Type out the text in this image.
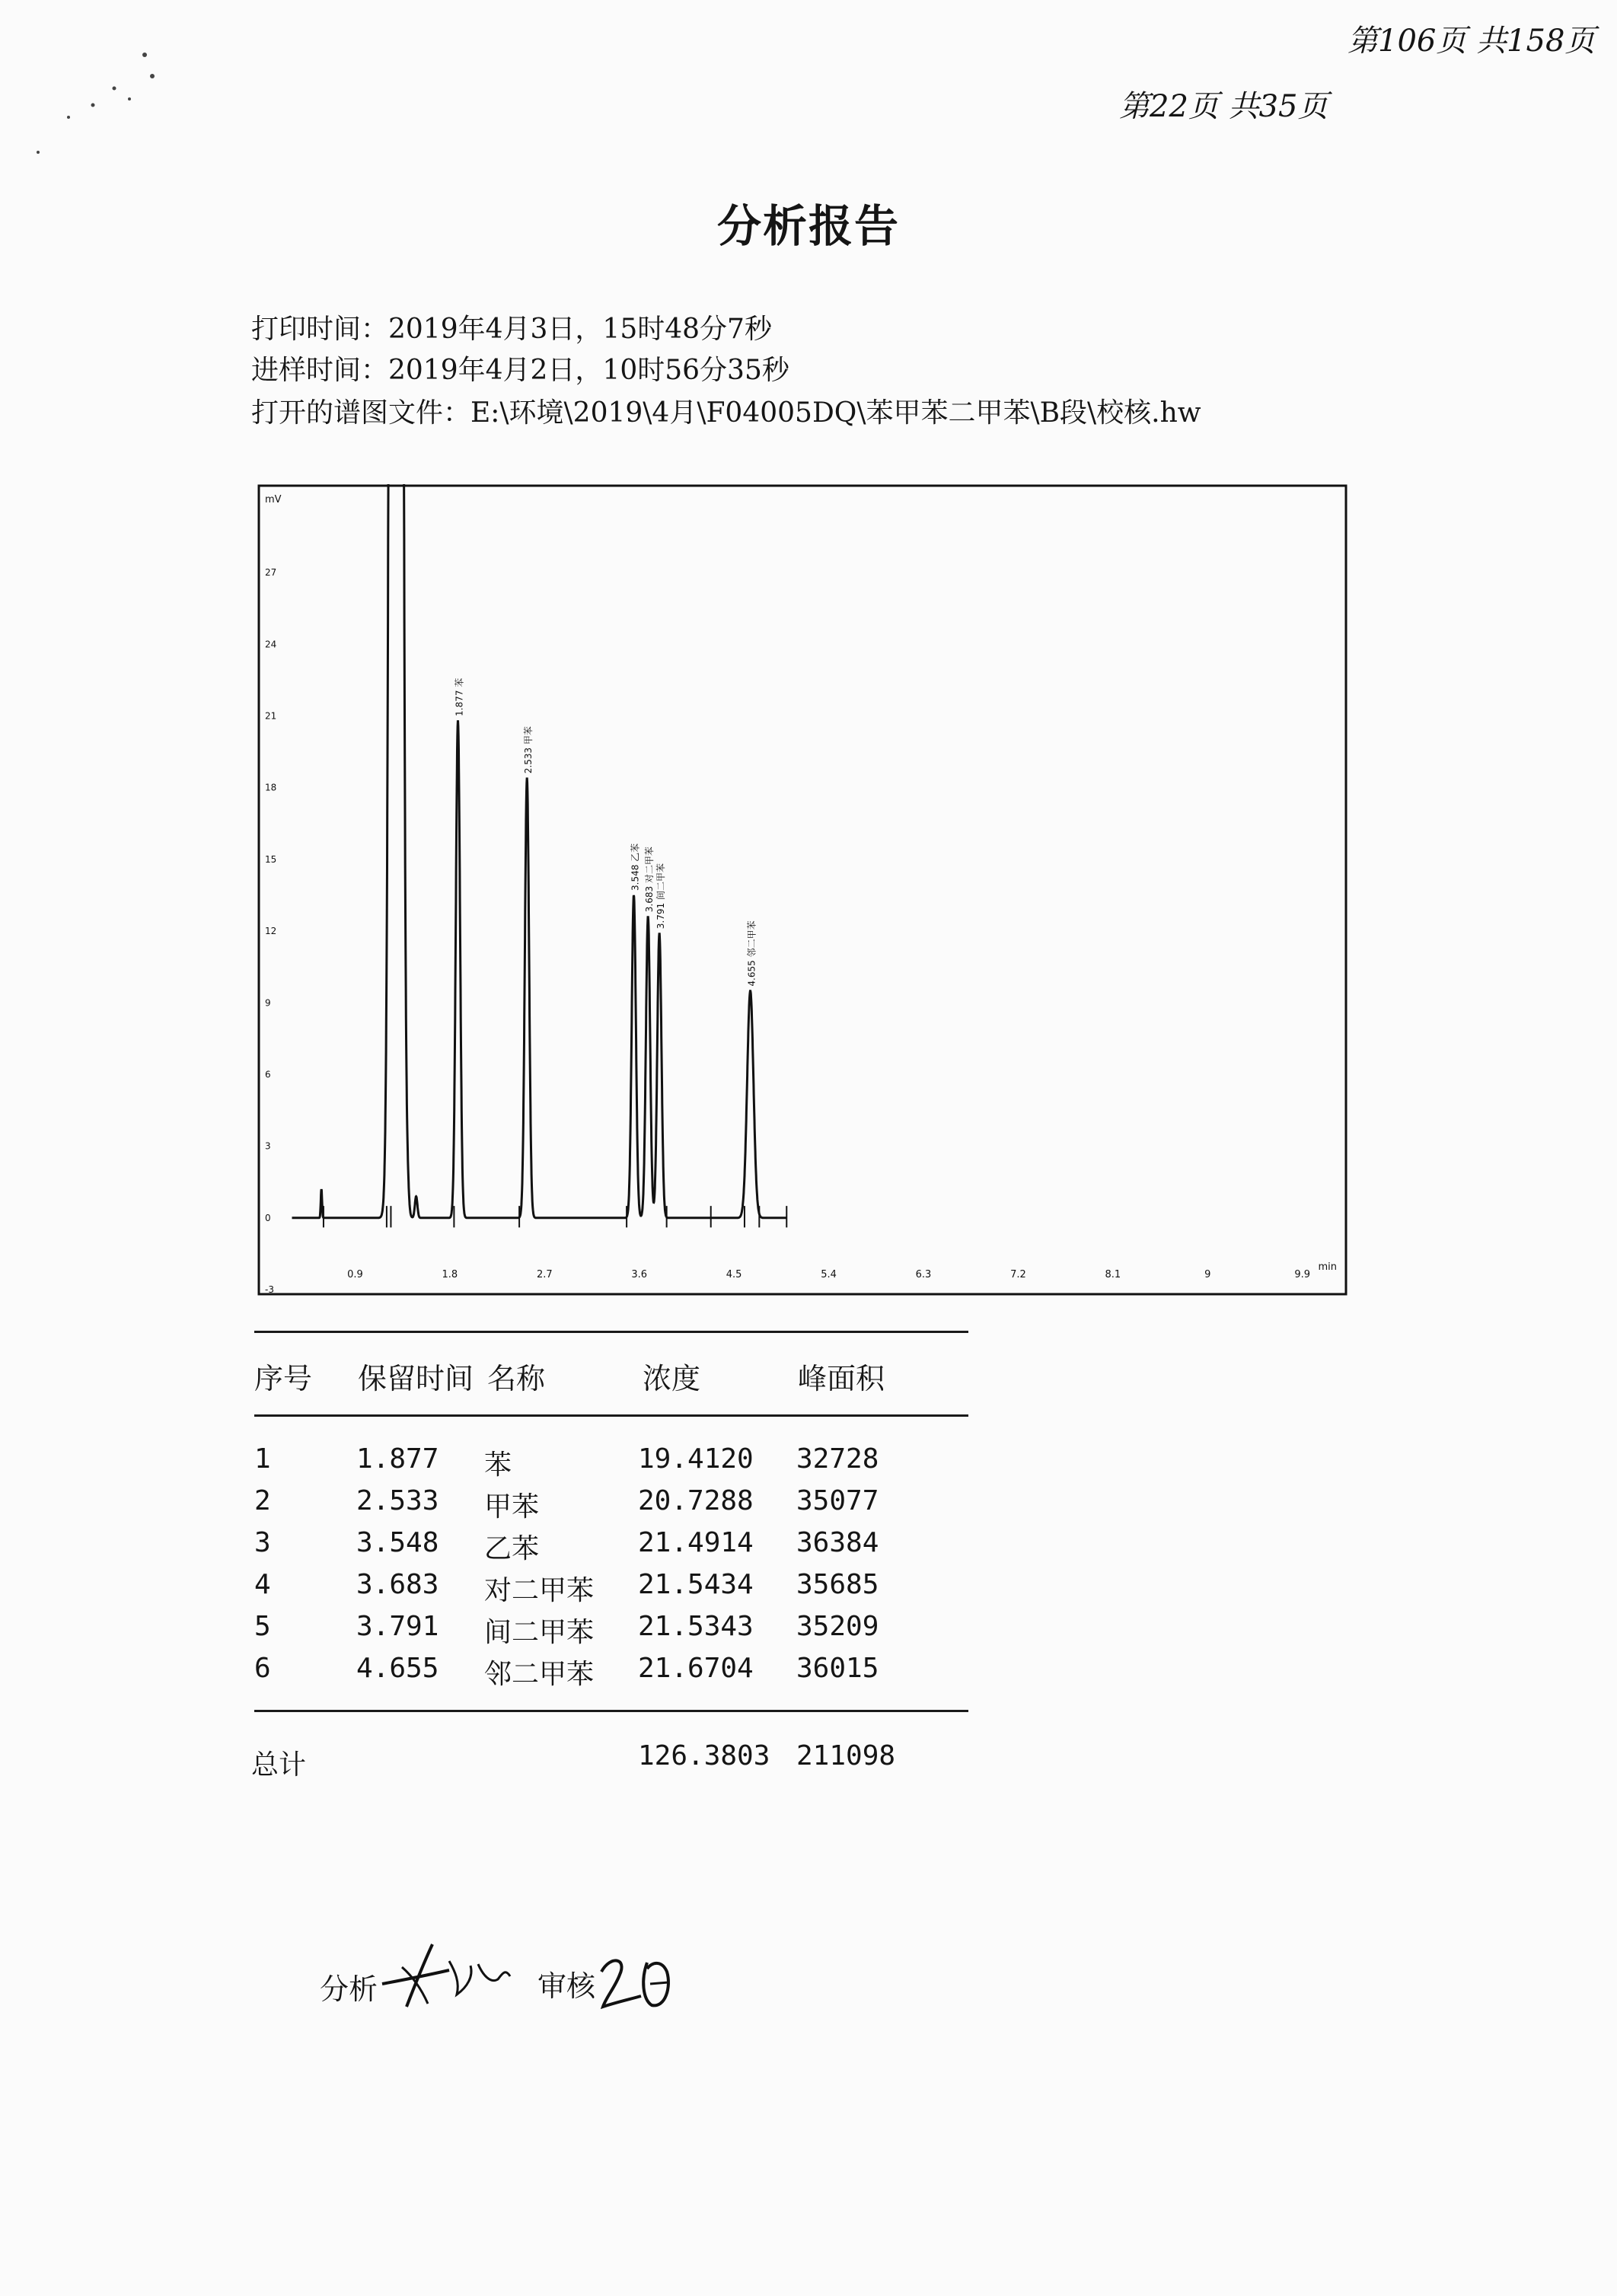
第106页 共158页
第22页 共35页
分析报告
打印时间：2019年4月3日，15时48分7秒
进样时间：2019年4月2日，10时56分35秒
打开的谱图文件：E:\环境\2019\4月\F04005DQ\苯甲苯二甲苯\B段\校核.hw
-3
0
3
6
9
12
15
18
21
24
27
mV
0.9	1.8	2.7	3.6	4.5	5.4	6.3	7.2	8.1	9	9.9
min
1.877 苯
2.533 甲苯
3.548 乙苯 3.683 对二甲苯 3.791 间二甲苯
4.655 邻二甲苯
序号 保留时间 名称	浓度	峰面积
1	1.877 苯	19.4120 32728
2	2.533 甲苯	20.7288 35077
3	3.548 乙苯	21.4914 36384
4	3.683 对二甲苯 21.5434 35685
5	3.791 间二甲苯 21.5343 35209
6	4.655 邻二甲苯 21.6704 36015
总计	126.3803 211098
分析	审核
